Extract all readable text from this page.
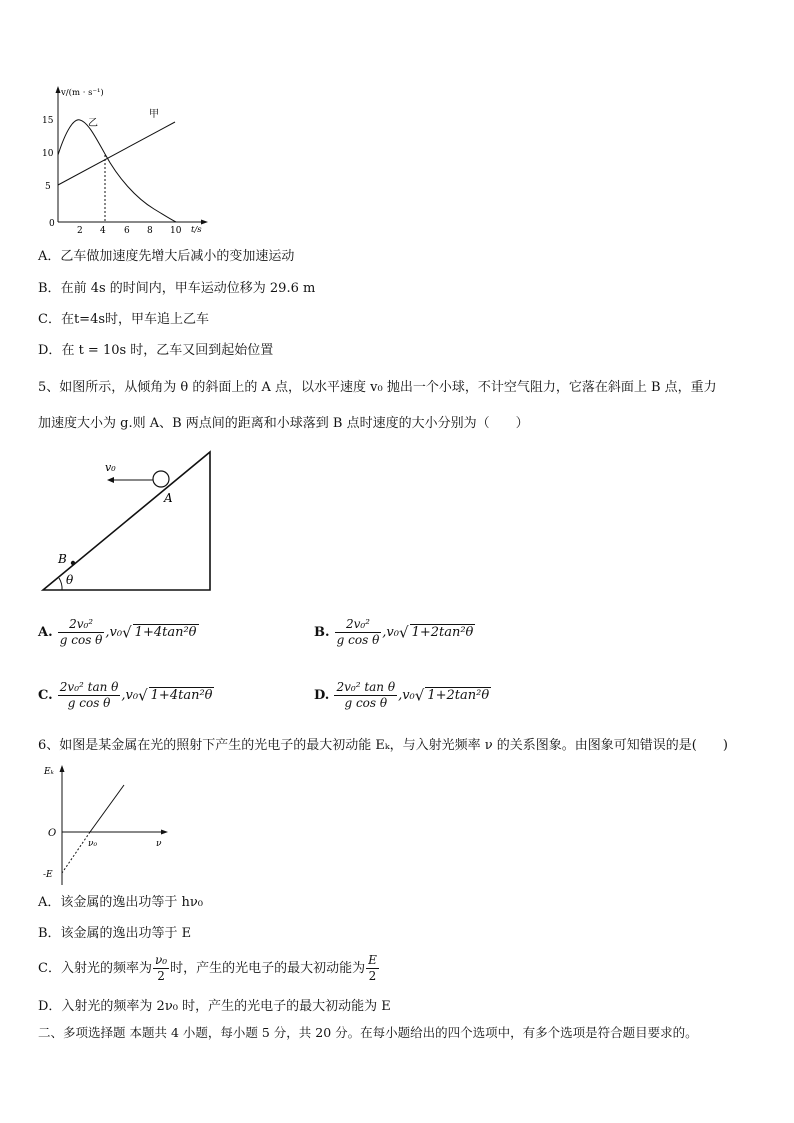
v/(m · s⁻¹)
t/s
15
10
5
0
2 4 6 8 10
甲
乙
A．乙车做加速度先增大后减小的变加速运动
B．在前 4s 的时间内，甲车运动位移为 29.6 m
C．在t=4s时，甲车追上乙车
D．在 t = 10s 时，乙车又回到起始位置
5、如图所示，从倾角为 θ 的斜面上的 A 点，以水平速度 v₀ 抛出一个小球，不计空气阻力，它落在斜面上 B 点，重力
加速度大小为 g.则 A、B 两点间的距离和小球落到 B 点时速度的大小分别为（　　）
v₀
A
B
θ
A. $\frac{\text{2v₀²}}{\text{g cos θ}} ,v_0√$ 1+4tan²θ	B. $\frac{\text{2v₀²}}{\text{g cos θ}} ,v_0√$ 1+2tan²θ
C. $\frac{\text{2v₀² tan θ}}{\text{g cos θ}} ,v_0√$ 1+4tan²θ	D. $\frac{\text{2v₀² tan θ}}{\text{g cos θ}} ,v_0√$ 1+2tan²θ
6、如图是某金属在光的照射下产生的光电子的最大初动能 Eₖ，与入射光频率 ν 的关系图象。由图象可知错误的是(　　)
Eₖ
O
ν₀	ν
-E
A．该金属的逸出功等于 hν₀
B．该金属的逸出功等于 E
C．入射光的频率为 $\frac{\text{ν₀}}{2}$ 时，产生的光电子的最大初动能为 $\frac{E}{2}$
D．入射光的频率为 2ν₀ 时，产生的光电子的最大初动能为 E
二、多项选择题 本题共 4 小题，每小题 5 分，共 20 分。在每小题给出的四个选项中，有多个选项是符合题目要求的。
